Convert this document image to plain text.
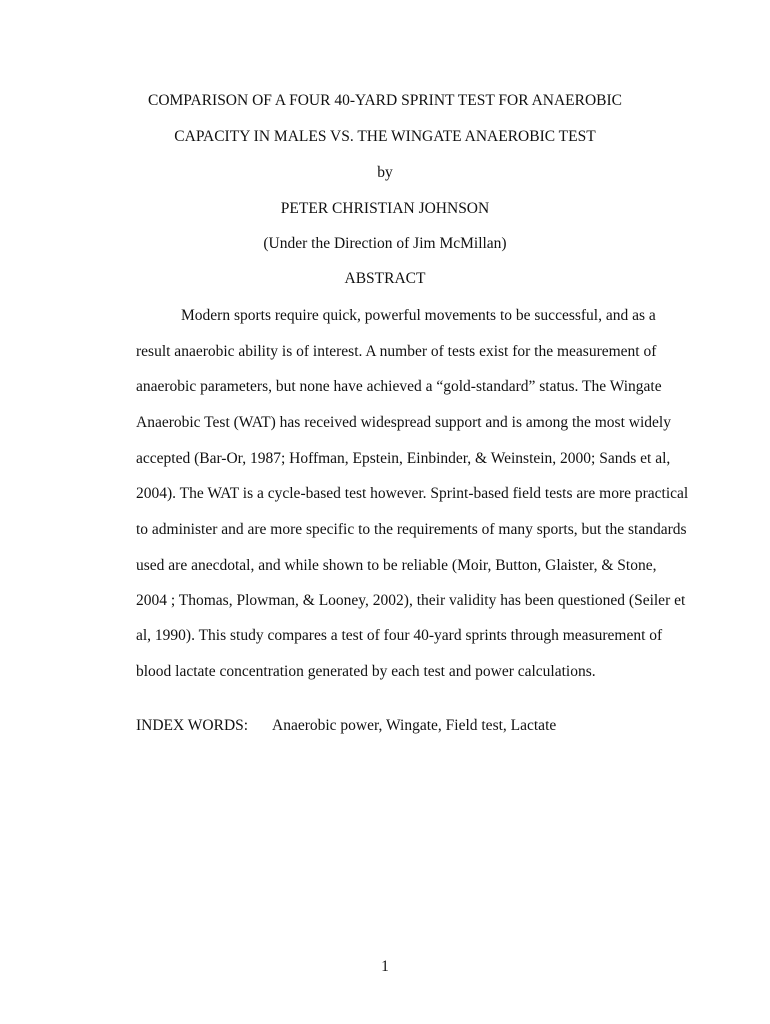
COMPARISON OF A FOUR 40-YARD SPRINT TEST FOR ANAEROBIC
CAPACITY IN MALES VS. THE WINGATE ANAEROBIC TEST
by
PETER CHRISTIAN JOHNSON
(Under the Direction of Jim McMillan)
ABSTRACT
Modern sports require quick, powerful movements to be successful, and as a
result anaerobic ability is of interest. A number of tests exist for the measurement of
anaerobic parameters, but none have achieved a “gold-standard” status. The Wingate
Anaerobic Test (WAT) has received widespread support and is among the most widely
accepted (Bar-Or, 1987; Hoffman, Epstein, Einbinder, & Weinstein, 2000; Sands et al,
2004). The WAT is a cycle-based test however. Sprint-based field tests are more practical
to administer and are more specific to the requirements of many sports, but the standards
used are anecdotal, and while shown to be reliable (Moir, Button, Glaister, & Stone,
2004 ; Thomas, Plowman, & Looney, 2002), their validity has been questioned (Seiler et
al, 1990). This study compares a test of four 40-yard sprints through measurement of
blood lactate concentration generated by each test and power calculations.
INDEX WORDS: Anaerobic power, Wingate, Field test, Lactate
1
